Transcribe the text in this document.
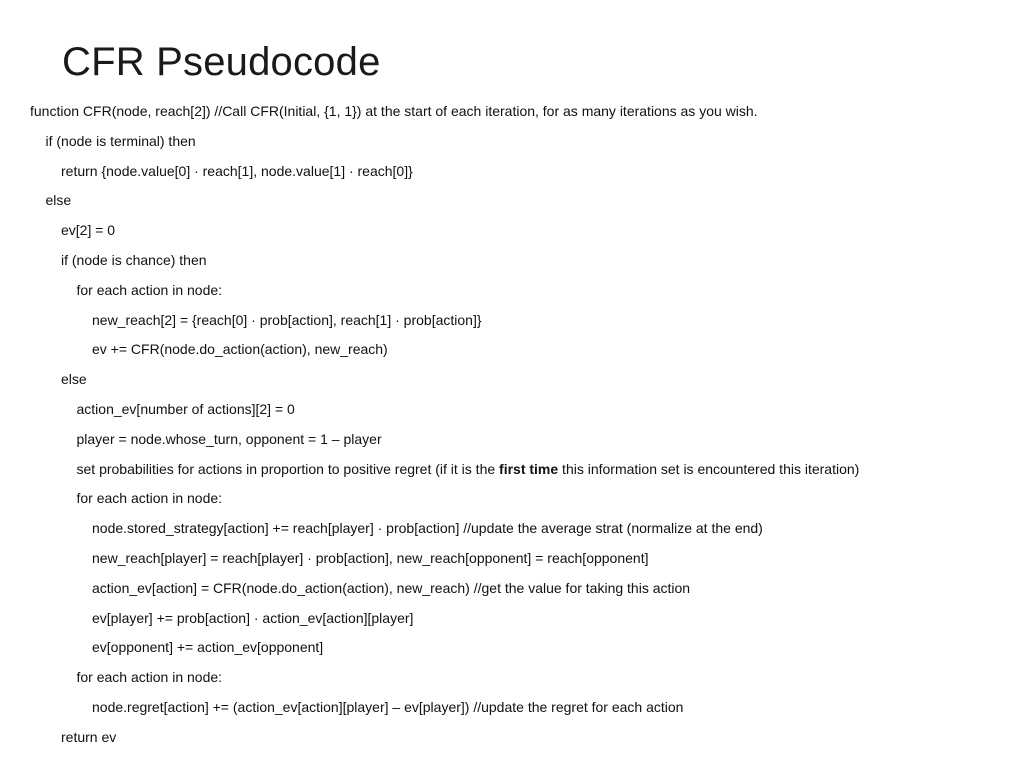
CFR Pseudocode
function CFR(node, reach[2]) //Call CFR(Initial, {1, 1}) at the start of each iteration, for as many iterations as you wish.
if (node is terminal) then
return {node.value[0] · reach[1], node.value[1] · reach[0]}
else
ev[2] = 0
if (node is chance) then
for each action in node:
new_reach[2] = {reach[0] · prob[action], reach[1] · prob[action]}
ev += CFR(node.do_action(action), new_reach)
else
action_ev[number of actions][2] = 0
player = node.whose_turn, opponent = 1 – player
set probabilities for actions in proportion to positive regret (if it is the first time this information set is encountered this iteration)
for each action in node:
node.stored_strategy[action] += reach[player] · prob[action] //update the average strat (normalize at the end)
new_reach[player] = reach[player] · prob[action], new_reach[opponent] = reach[opponent]
action_ev[action] = CFR(node.do_action(action), new_reach) //get the value for taking this action
ev[player] += prob[action] · action_ev[action][player]
ev[opponent] += action_ev[opponent]
for each action in node:
node.regret[action] += (action_ev[action][player] – ev[player]) //update the regret for each action
return ev
